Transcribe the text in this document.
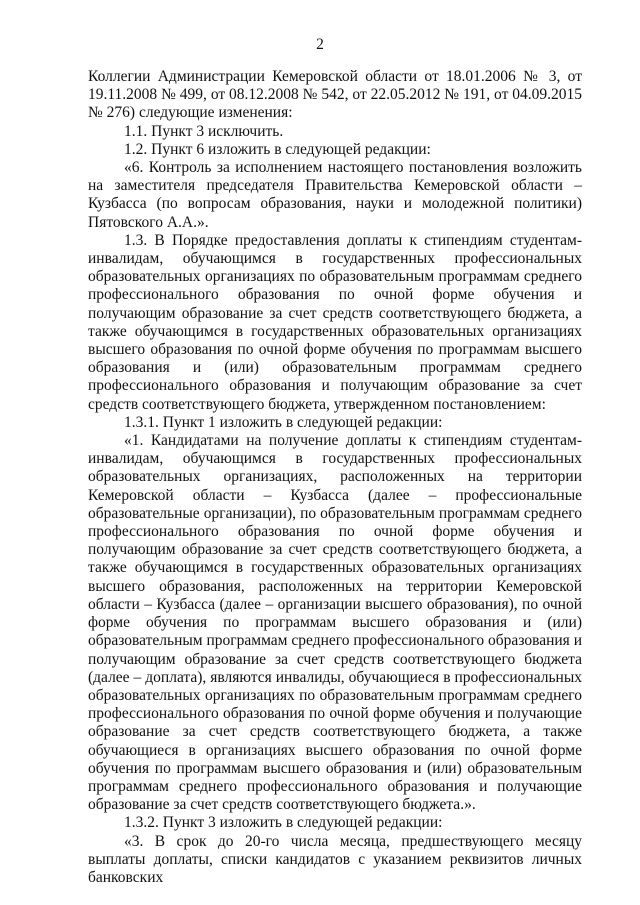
2

Коллегии Администрации Кемеровской области от 18.01.2006 № 3, от 19.11.2008 № 499, от 08.12.2008 № 542, от 22.05.2012 № 191, от 04.09.2015 № 276) следующие изменения:

1.1. Пункт 3 исключить.

1.2. Пункт 6 изложить в следующей редакции:

«6. Контроль за исполнением настоящего постановления возложить на заместителя председателя Правительства Кемеровской области – Кузбасса (по вопросам образования, науки и молодежной политики) Пятовского А.А.».

1.3. В Порядке предоставления доплаты к стипендиям студентам-инвалидам, обучающимся в государственных профессиональных образовательных организациях по образовательным программам среднего профессионального образования по очной форме обучения и получающим образование за счет средств соответствующего бюджета, а также обучающимся в государственных образовательных организациях высшего образования по очной форме обучения по программам высшего образования и (или) образовательным программам среднего профессионального образования и получающим образование за счет средств соответствующего бюджета, утвержденном постановлением:

1.3.1. Пункт 1 изложить в следующей редакции:

«1. Кандидатами на получение доплаты к стипендиям студентам-инвалидам, обучающимся в государственных профессиональных образовательных организациях, расположенных на территории Кемеровской области – Кузбасса (далее – профессиональные образовательные организации), по образовательным программам среднего профессионального образования по очной форме обучения и получающим образование за счет средств соответствующего бюджета, а также обучающимся в государственных образовательных организациях высшего образования, расположенных на территории Кемеровской области – Кузбасса (далее – организации высшего образования), по очной форме обучения по программам высшего образования и (или) образовательным программам среднего профессионального образования и получающим образование за счет средств соответствующего бюджета (далее – доплата), являются инвалиды, обучающиеся в профессиональных образовательных организациях по образовательным программам среднего профессионального образования по очной форме обучения и получающие образование за счет средств соответствующего бюджета, а также обучающиеся в организациях высшего образования по очной форме обучения по программам высшего образования и (или) образовательным программам среднего профессионального образования и получающие образование за счет средств соответствующего бюджета.».

1.3.2. Пункт 3 изложить в следующей редакции:

«3. В срок до 20-го числа месяца, предшествующего месяцу выплаты доплаты, списки кандидатов с указанием реквизитов личных банковских
